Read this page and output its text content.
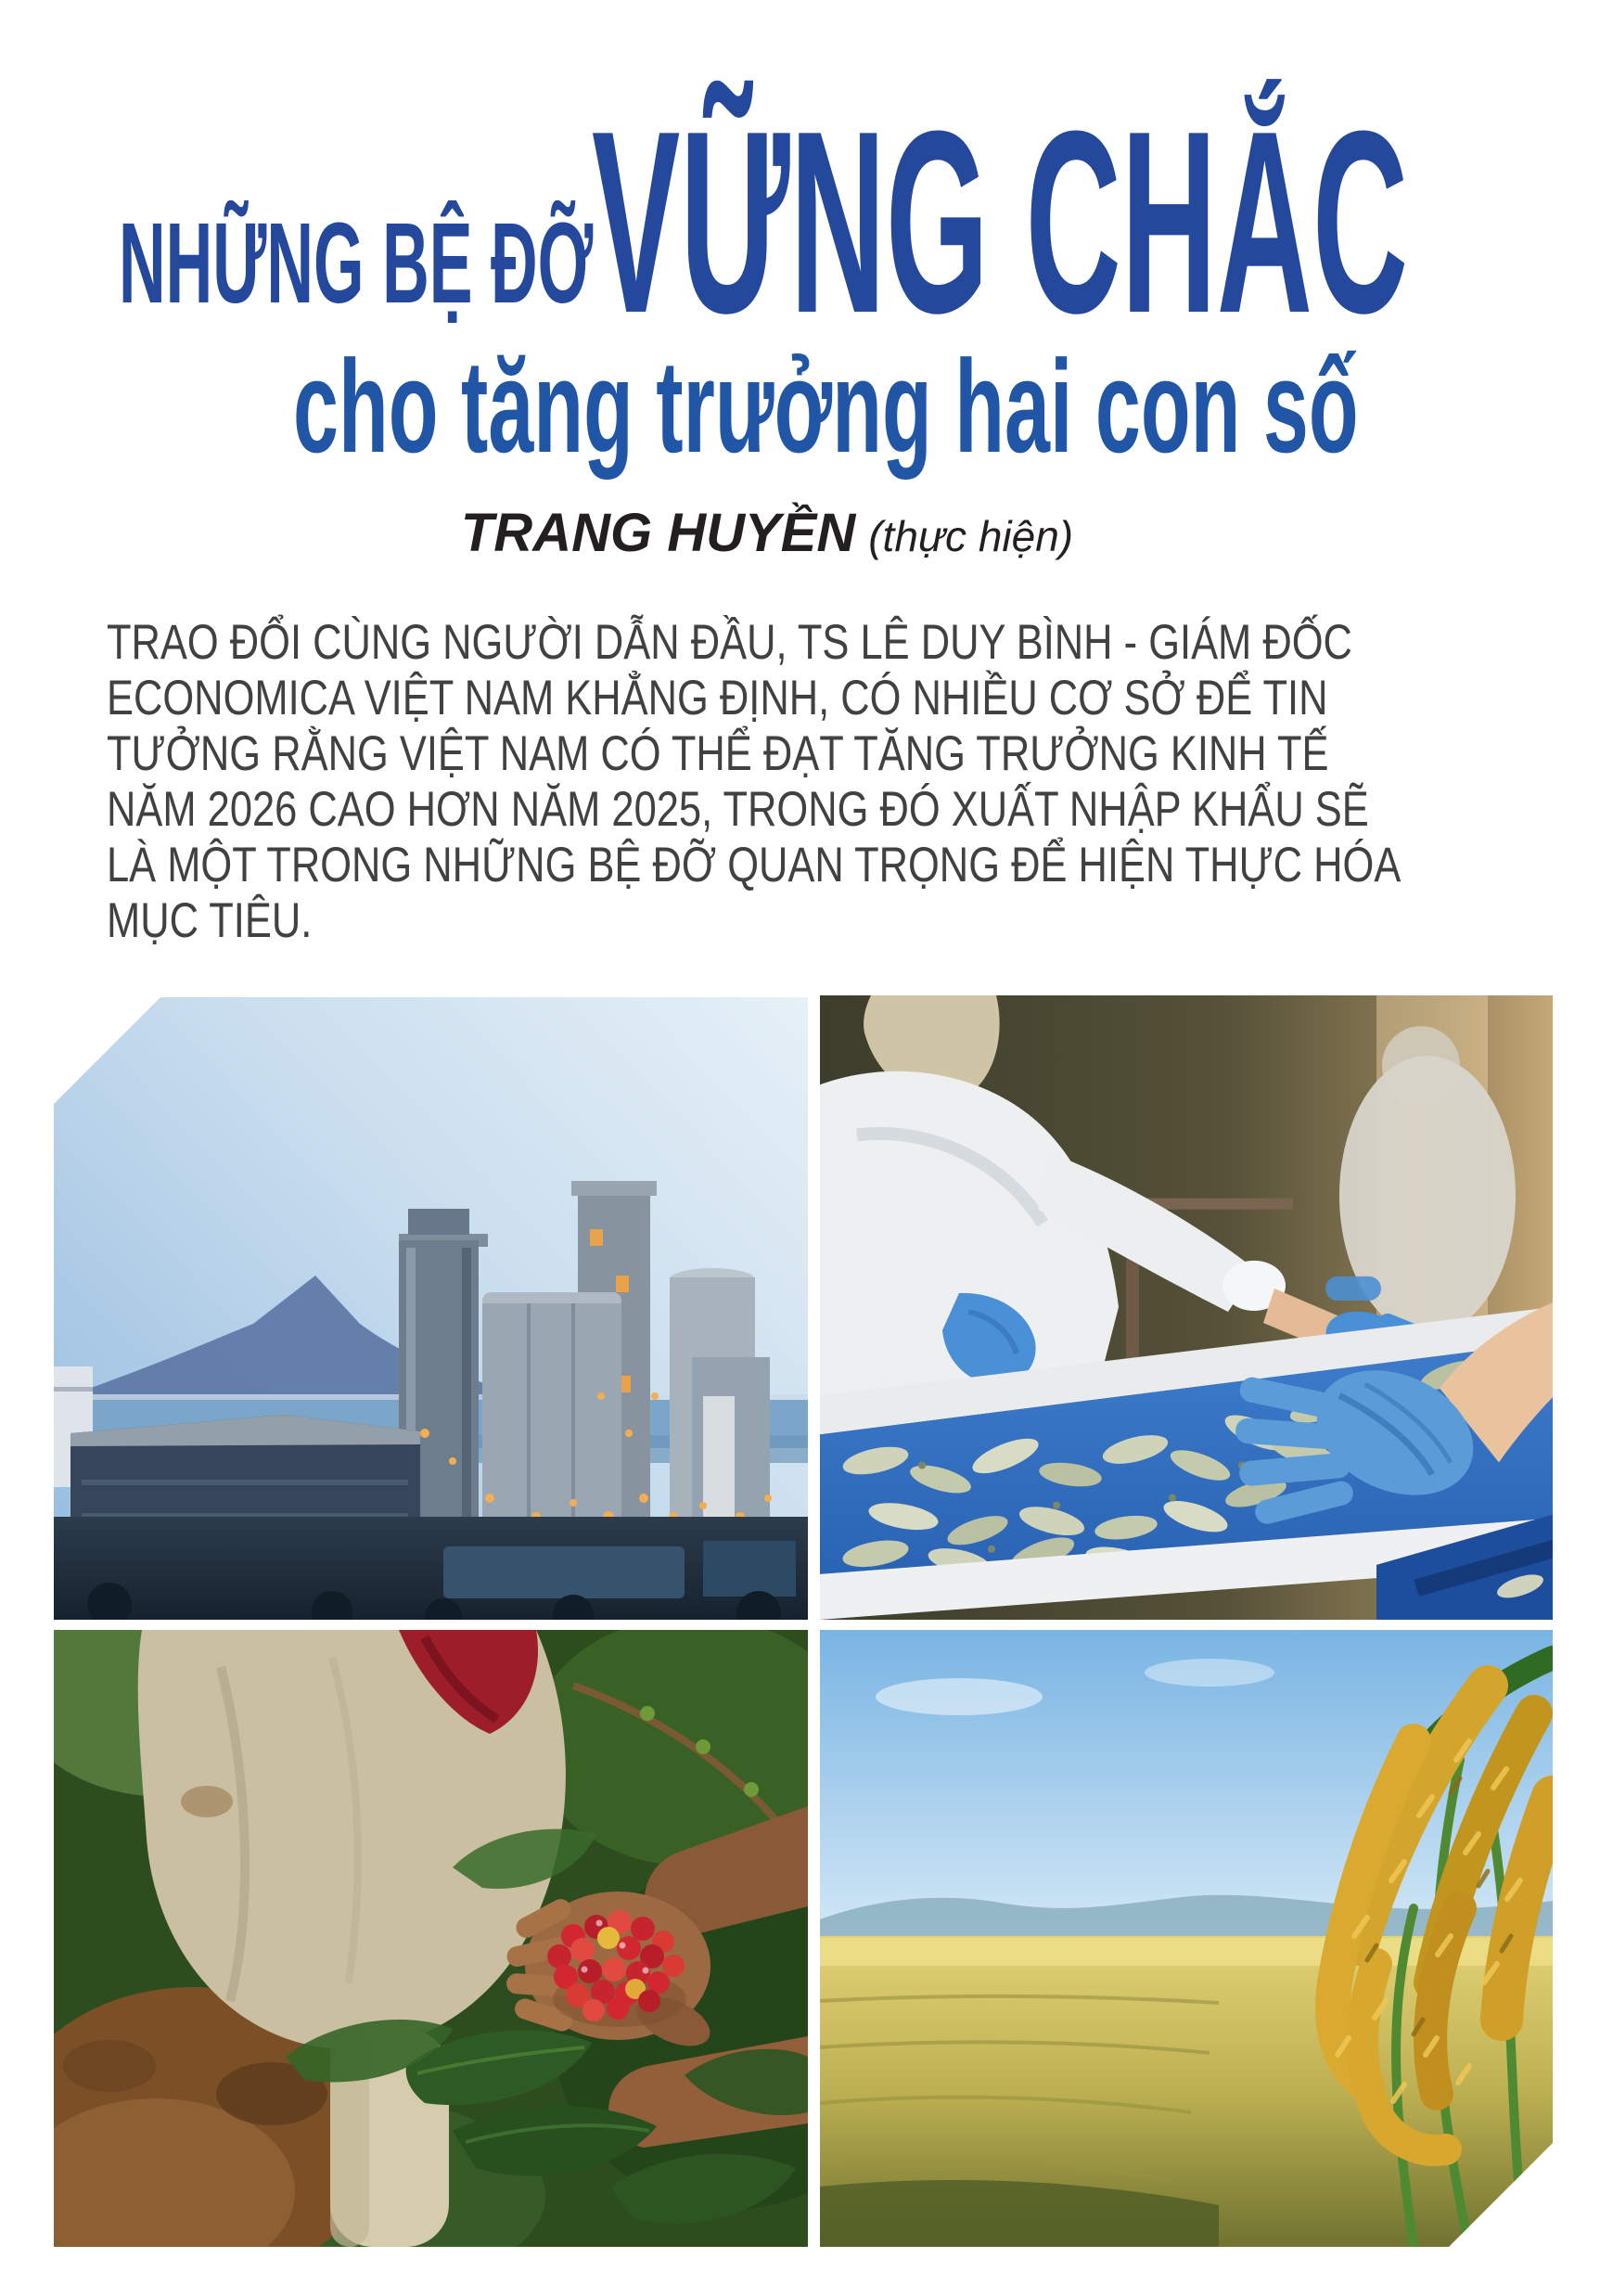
NHỮNG BỆ ĐỠ
VỮNG CHẮC
cho tăng trưởng hai con số
TRANG HUYỀN (thực hiện)
TRAO ĐỔI CÙNG NGƯỜI DẪN ĐẦU, TS LÊ DUY BÌNH - GIÁM ĐỐC
ECONOMICA VIỆT NAM KHẲNG ĐỊNH, CÓ NHIỀU CƠ SỞ ĐỂ TIN
TƯỞNG RẰNG VIỆT NAM CÓ THỂ ĐẠT TĂNG TRƯỞNG KINH TẾ
NĂM 2026 CAO HƠN NĂM 2025, TRONG ĐÓ XUẤT NHẬP KHẨU SẼ
LÀ MỘT TRONG NHỮNG BỆ ĐỠ QUAN TRỌNG ĐỂ HIỆN THỰC HÓA
MỤC TIÊU.
